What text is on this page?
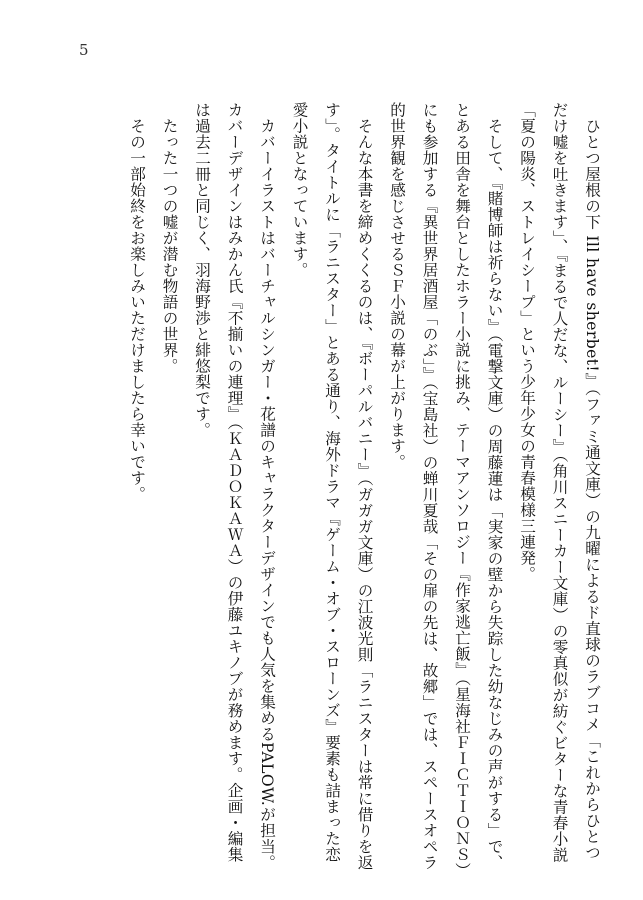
5

ひとつ屋根の下 Ill have sherbet!』（ファミ通文庫）の九曜によるド直球のラブコメ「これからひとつだけ嘘を吐きます」、『まるで人だな、ルーシー』（角川スニーカー文庫）の零真似が紡ぐビターな青春小説「夏の陽炎、ストレイシープ」という少年少女の青春模様三連発。

そして、『賭博師は祈らない』（電撃文庫）の周藤蓮は「実家の壁から失踪した幼なじみの声がする」で、とある田舎を舞台としたホラー小説に挑み、テーマアンソロジー『作家逃亡飯』（星海社ＦＩＣＴＩＯＮＳ）にも参加する『異世界居酒屋「のぶ」』（宝島社）の蝉川夏哉「その扉の先は、故郷」では、スペースオペラ的世界観を感じさせるＳＦ小説の幕が上がります。

そんな本書を締めくくるのは、『ボーパルバニー』（ガガガ文庫）の江波光則「ラニスターは常に借りを返す」。タイトルに「ラニスター」とある通り、海外ドラマ『ゲーム・オブ・スローンズ』要素も詰まった恋愛小説となっています。

カバーイラストはバーチャルシンガー・花譜のキャラクターデザインでも人気を集めるPALOW.が担当。カバーデザインはみかん氏『不揃いの連理』（ＫＡＤＯＫＡＷＡ）の伊藤ユキノブが務めます。企画・編集は過去二冊と同じく、羽海野渉と緋悠梨です。

たった一つの嘘が潜む物語の世界。

その一部始終をお楽しみいただけましたら幸いです。
